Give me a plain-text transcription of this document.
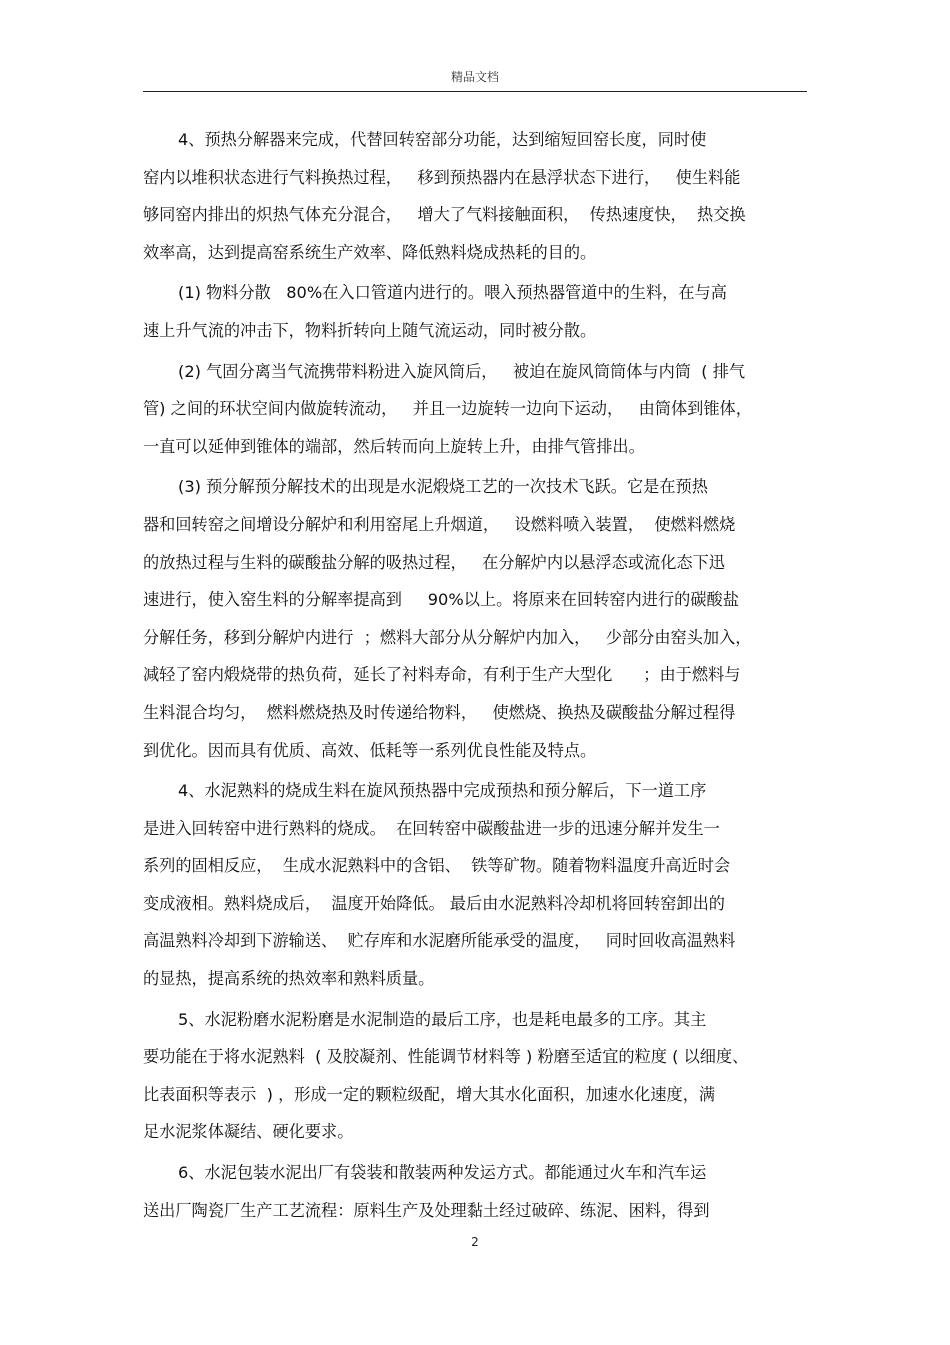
精品文档
4、预热分解器来完成，代替回转窑部分功能，达到缩短回窑长度，同时使
窑内以堆积状态进行气料换热过程，   移到预热器内在悬浮状态下进行，   使生料能
够同窑内排出的炽热气体充分混合，   增大了气料接触面积，  传热速度快，  热交换
效率高，达到提高窑系统生产效率、降低熟料烧成热耗的目的。
(1) 物料分散   80%在入口管道内进行的。喂入预热器管道中的生料，在与高
速上升气流的冲击下，物料折转向上随气流运动，同时被分散。
(2) 气固分离当气流携带料粉进入旋风筒后，   被迫在旋风筒筒体与内筒  ( 排气
管) 之间的环状空间内做旋转流动，   并且一边旋转一边向下运动，   由筒体到锥体，
一直可以延伸到锥体的端部，然后转而向上旋转上升，由排气管排出。
(3) 预分解预分解技术的出现是水泥煅烧工艺的一次技术飞跃。它是在预热
器和回转窑之间增设分解炉和利用窑尾上升烟道，   设燃料喷入装置，  使燃料燃烧
的放热过程与生料的碳酸盐分解的吸热过程，   在分解炉内以悬浮态或流化态下迅
速进行，使入窑生料的分解率提高到     90%以上。将原来在回转窑内进行的碳酸盐
分解任务，移到分解炉内进行  ；燃料大部分从分解炉内加入，   少部分由窑头加入，
减轻了窑内煅烧带的热负荷，延长了衬料寿命，有利于生产大型化      ；由于燃料与
生料混合均匀，  燃料燃烧热及时传递给物料，   使燃烧、换热及碳酸盐分解过程得
到优化。因而具有优质、高效、低耗等一系列优良性能及特点。
4、水泥熟料的烧成生料在旋风预热器中完成预热和预分解后，下一道工序
是进入回转窑中进行熟料的烧成。  在回转窑中碳酸盐进一步的迅速分解并发生一
系列的固相反应，  生成水泥熟料中的含铝、  铁等矿物。随着物料温度升高近时会
变成液相。熟料烧成后，  温度开始降低。 最后由水泥熟料冷却机将回转窑卸出的
高温熟料冷却到下游输送、  贮存库和水泥磨所能承受的温度，   同时回收高温熟料
的显热，提高系统的热效率和熟料质量。
5、水泥粉磨水泥粉磨是水泥制造的最后工序，也是耗电最多的工序。其主
要功能在于将水泥熟料  ( 及胶凝剂、性能调节材料等 ) 粉磨至适宜的粒度 ( 以细度、
比表面积等表示  ) ，形成一定的颗粒级配，增大其水化面积，加速水化速度，满
足水泥浆体凝结、硬化要求。
6、水泥包装水泥出厂有袋装和散装两种发运方式。都能通过火车和汽车运
送出厂陶瓷厂生产工艺流程：原料生产及处理黏土经过破碎、练泥、困料，得到
2
